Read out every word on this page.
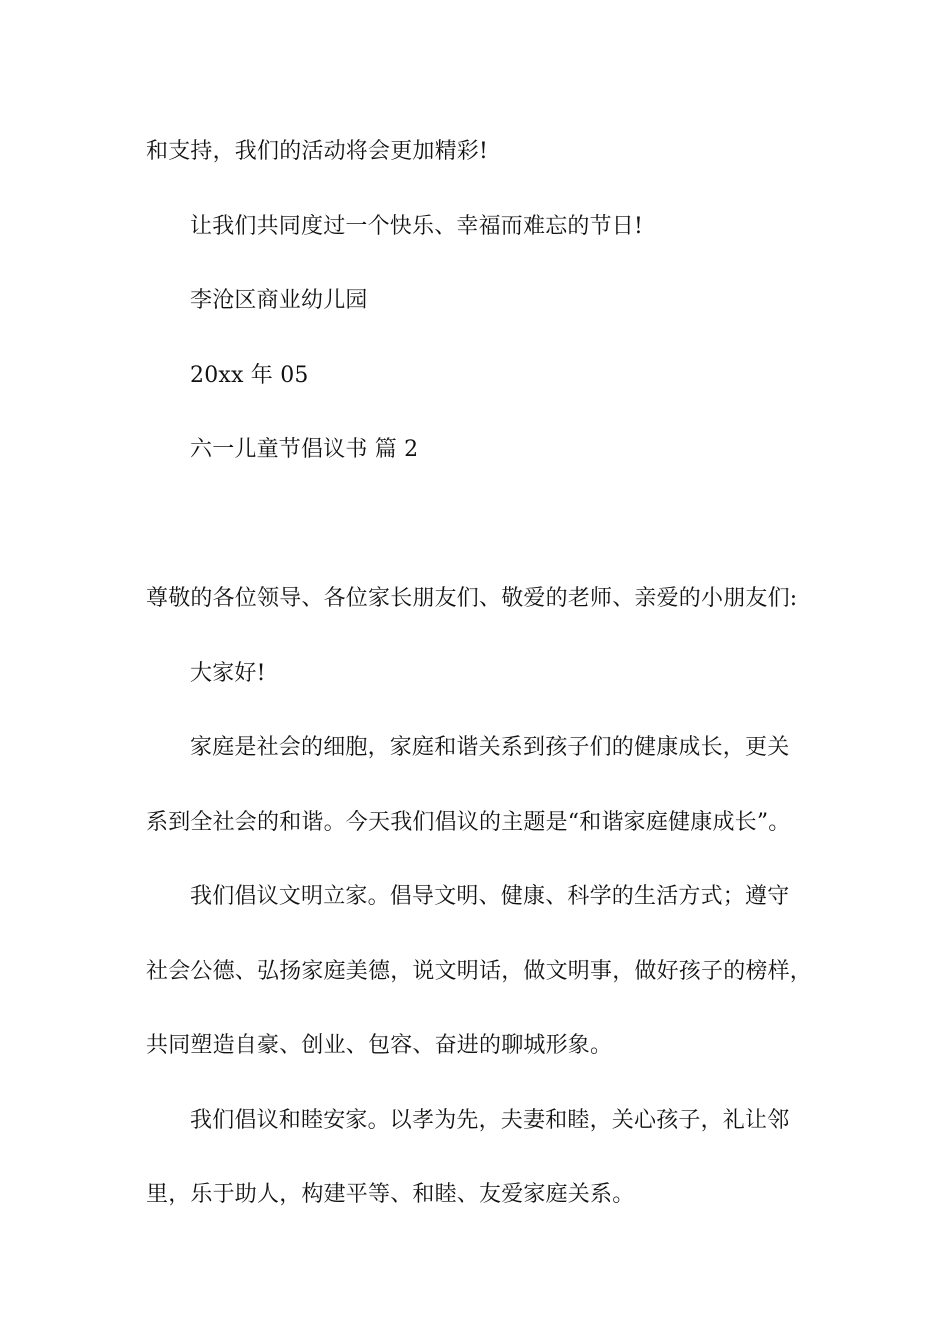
和支持，我们的活动将会更加精彩!
让我们共同度过一个快乐、幸福而难忘的节日!
李沧区商业幼儿园
20xx 年 05
六一儿童节倡议书 篇 2
尊敬的各位领导、各位家长朋友们、敬爱的老师、亲爱的小朋友们:
大家好!
家庭是社会的细胞，家庭和谐关系到孩子们的健康成长，更关
系到全社会的和谐。今天我们倡议的主题是“和谐家庭健康成长”。
我们倡议文明立家。倡导文明、健康、科学的生活方式；遵守
社会公德、弘扬家庭美德，说文明话，做文明事，做好孩子的榜样，
共同塑造自豪、创业、包容、奋进的聊城形象。
我们倡议和睦安家。以孝为先，夫妻和睦，关心孩子，礼让邻
里，乐于助人，构建平等、和睦、友爱家庭关系。
